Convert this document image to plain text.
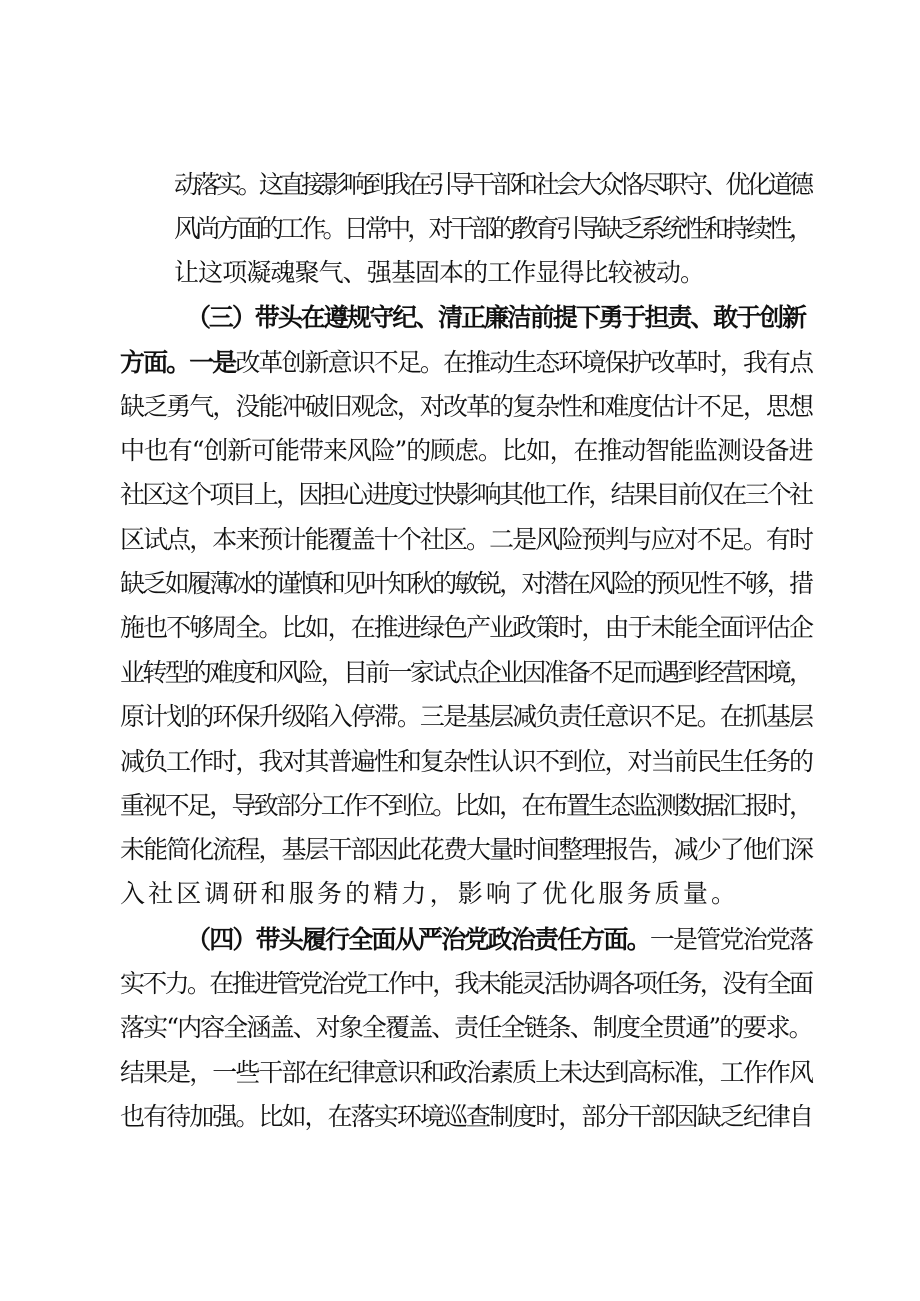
动落实。这直接影响到我在引导干部和社会大众恪尽职守、优化道德
风尚方面的工作。日常中，对干部的教育引导缺乏系统性和持续性，
让这项凝魂聚气、强基固本的工作显得比较被动。
（三）带头在遵规守纪、清正廉洁前提下勇于担责、敢于创新
方面。一是改革创新意识不足。在推动生态环境保护改革时，我有点
缺乏勇气，没能冲破旧观念，对改革的复杂性和难度估计不足，思想
中也有“创新可能带来风险”的顾虑。比如，在推动智能监测设备进
社区这个项目上，因担心进度过快影响其他工作，结果目前仅在三个社
区试点，本来预计能覆盖十个社区。二是风险预判与应对不足。有时
缺乏如履薄冰的谨慎和见叶知秋的敏锐，对潜在风险的预见性不够，措
施也不够周全。比如，在推进绿色产业政策时，由于未能全面评估企
业转型的难度和风险，目前一家试点企业因准备不足而遇到经营困境，
原计划的环保升级陷入停滞。三是基层减负责任意识不足。在抓基层
减负工作时，我对其普遍性和复杂性认识不到位，对当前民生任务的
重视不足，导致部分工作不到位。比如，在布置生态监测数据汇报时，
未能简化流程，基层干部因此花费大量时间整理报告，减少了他们深
入社区调研和服务的精力，影响了优化服务质量。
（四）带头履行全面从严治党政治责任方面。一是管党治党落
实不力。在推进管党治党工作中，我未能灵活协调各项任务，没有全面
落实“内容全涵盖、对象全覆盖、责任全链条、制度全贯通”的要求。
结果是，一些干部在纪律意识和政治素质上未达到高标准，工作作风
也有待加强。比如，在落实环境巡查制度时，部分干部因缺乏纪律自
